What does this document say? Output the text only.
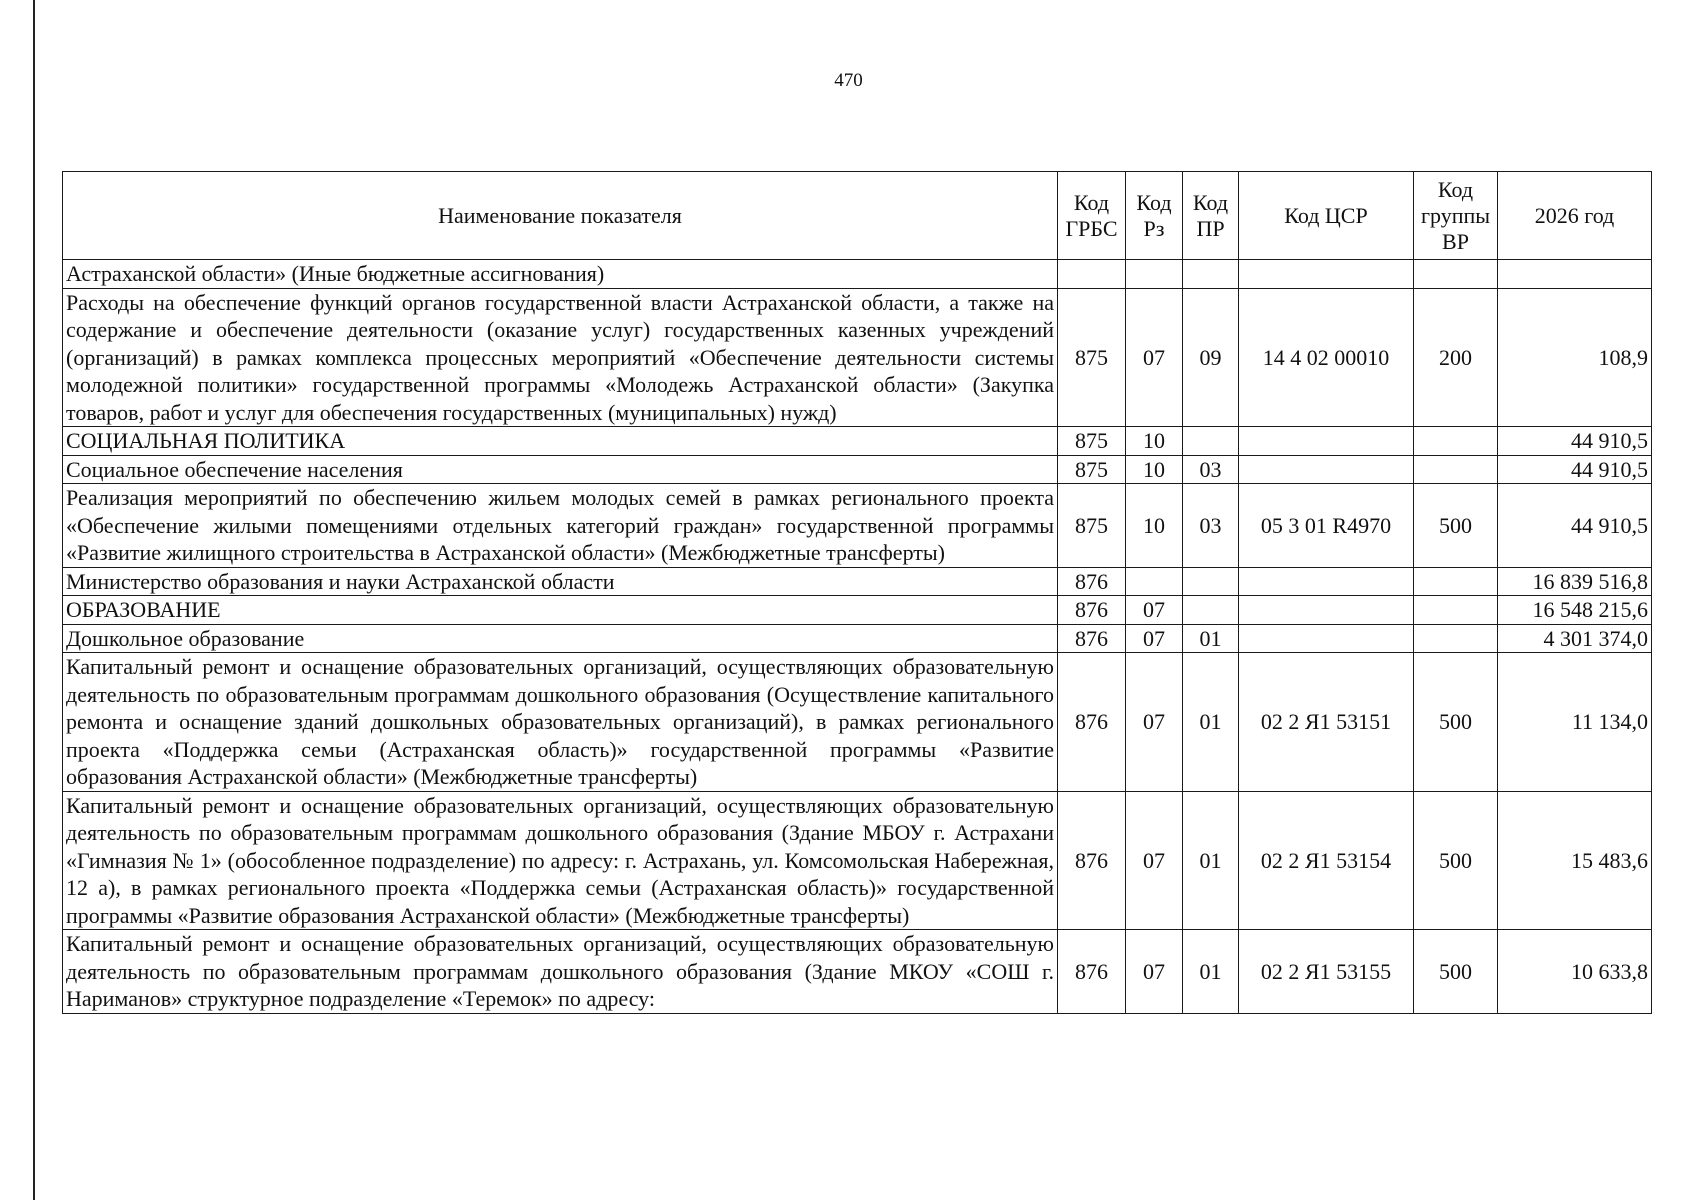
470
Наименование показателя	Код ГРБС	Код Рз	Код ПР	Код ЦСР	Код группы ВР	2026 год
Астраханской области» (Иные бюджетные ассигнования)						
Расходы на обеспечение функций органов государственной власти Астраханской области, а также на содержание и обеспечение деятельности (оказание услуг) государственных казенных учреждений (организаций) в рамках комплекса процессных мероприятий «Обеспечение деятельности системы молодежной политики» государственной программы «Молодежь Астраханской области» (Закупка товаров, работ и услуг для обеспечения государственных (муниципальных) нужд)	875	07	09	14 4 02 00010	200	108,9
СОЦИАЛЬНАЯ ПОЛИТИКА	875	10				44 910,5
Социальное обеспечение населения	875	10	03			44 910,5
Реализация мероприятий по обеспечению жильем молодых семей в рамках регионального проекта «Обеспечение жилыми помещениями отдельных категорий граждан» государственной программы «Развитие жилищного строительства в Астраханской области» (Межбюджетные трансферты)	875	10	03	05 3 01 R4970	500	44 910,5
Министерство образования и науки Астраханской области	876					16 839 516,8
ОБРАЗОВАНИЕ	876	07				16 548 215,6
Дошкольное образование	876	07	01			4 301 374,0
Капитальный ремонт и оснащение образовательных организаций, осуществляющих образовательную деятельность по образовательным программам дошкольного образования (Осуществление капитального ремонта и оснащение зданий дошкольных образовательных организаций), в рамках регионального проекта «Поддержка семьи (Астраханская область)» государственной программы «Развитие образования Астраханской области» (Межбюджетные трансферты)	876	07	01	02 2 Я1 53151	500	11 134,0
Капитальный ремонт и оснащение образовательных организаций, осуществляющих образовательную деятельность по образовательным программам дошкольного образования (Здание МБОУ г. Астрахани «Гимназия № 1» (обособленное подразделение) по адресу: г. Астрахань, ул. Комсомольская Набережная, 12 а), в рамках регионального проекта «Поддержка семьи (Астраханская область)» государственной программы «Развитие образования Астраханской области» (Межбюджетные трансферты)	876	07	01	02 2 Я1 53154	500	15 483,6
Капитальный ремонт и оснащение образовательных организаций, осуществляющих образовательную деятельность по образовательным программам дошкольного образования (Здание МКОУ «СОШ г. Нариманов» структурное подразделение «Теремок» по адресу:	876	07	01	02 2 Я1 53155	500	10 633,8
